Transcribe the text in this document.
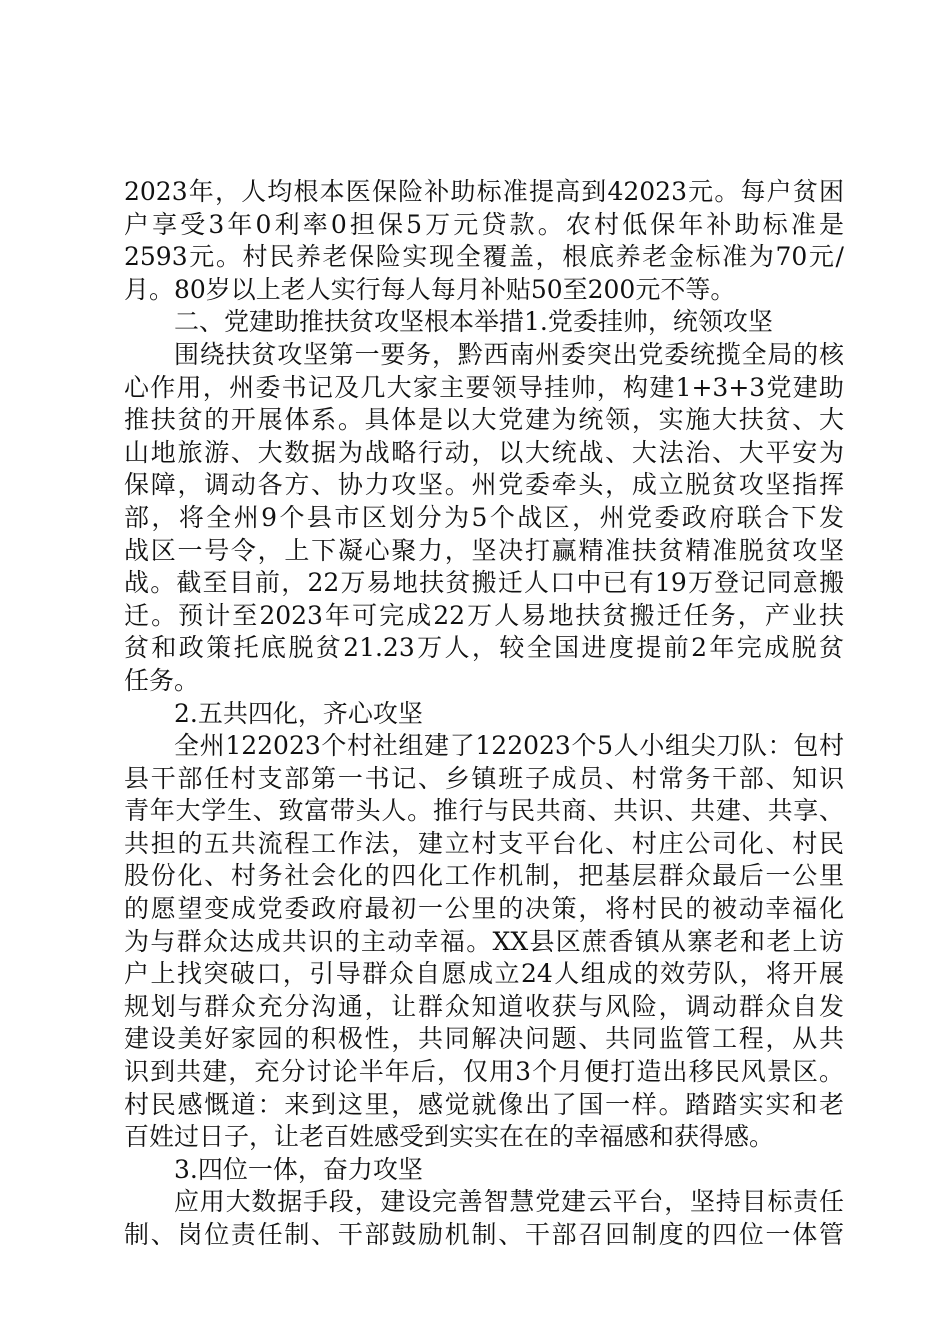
2023年，人均根本医保险补助标准提高到42023元。每户贫困
户享受3年0利率0担保5万元贷款。农村低保年补助标准是
2593元。村民养老保险实现全覆盖，根底养老金标准为70元/
月。80岁以上老人实行每人每月补贴50至200元不等。
二、党建助推扶贫攻坚根本举措1.党委挂帅，统领攻坚
围绕扶贫攻坚第一要务，黔西南州委突出党委统揽全局的核
心作用，州委书记及几大家主要领导挂帅，构建1+3+3党建助
推扶贫的开展体系。具体是以大党建为统领，实施大扶贫、大
山地旅游、大数据为战略行动，以大统战、大法治、大平安为
保障，调动各方、协力攻坚。州党委牵头，成立脱贫攻坚指挥
部，将全州9个县市区划分为5个战区，州党委政府联合下发
战区一号令，上下凝心聚力，坚决打赢精准扶贫精准脱贫攻坚
战。截至目前，22万易地扶贫搬迁人口中已有19万登记同意搬
迁。预计至2023年可完成22万人易地扶贫搬迁任务，产业扶
贫和政策托底脱贫21.23万人，较全国进度提前2年完成脱贫
任务。
2.五共四化，齐心攻坚
全州122023个村社组建了122023个5人小组尖刀队：包村
县干部任村支部第一书记、乡镇班子成员、村常务干部、知识
青年大学生、致富带头人。推行与民共商、共识、共建、共享、
共担的五共流程工作法，建立村支平台化、村庄公司化、村民
股份化、村务社会化的四化工作机制，把基层群众最后一公里
的愿望变成党委政府最初一公里的决策，将村民的被动幸福化
为与群众达成共识的主动幸福。XX县区蔗香镇从寨老和老上访
户上找突破口，引导群众自愿成立24人组成的效劳队，将开展
规划与群众充分沟通，让群众知道收获与风险，调动群众自发
建设美好家园的积极性，共同解决问题、共同监管工程，从共
识到共建，充分讨论半年后，仅用3个月便打造出移民风景区。
村民感慨道：来到这里，感觉就像出了国一样。踏踏实实和老
百姓过日子，让老百姓感受到实实在在的幸福感和获得感。
3.四位一体，奋力攻坚
应用大数据手段，建设完善智慧党建云平台，坚持目标责任
制、岗位责任制、干部鼓励机制、干部召回制度的四位一体管
